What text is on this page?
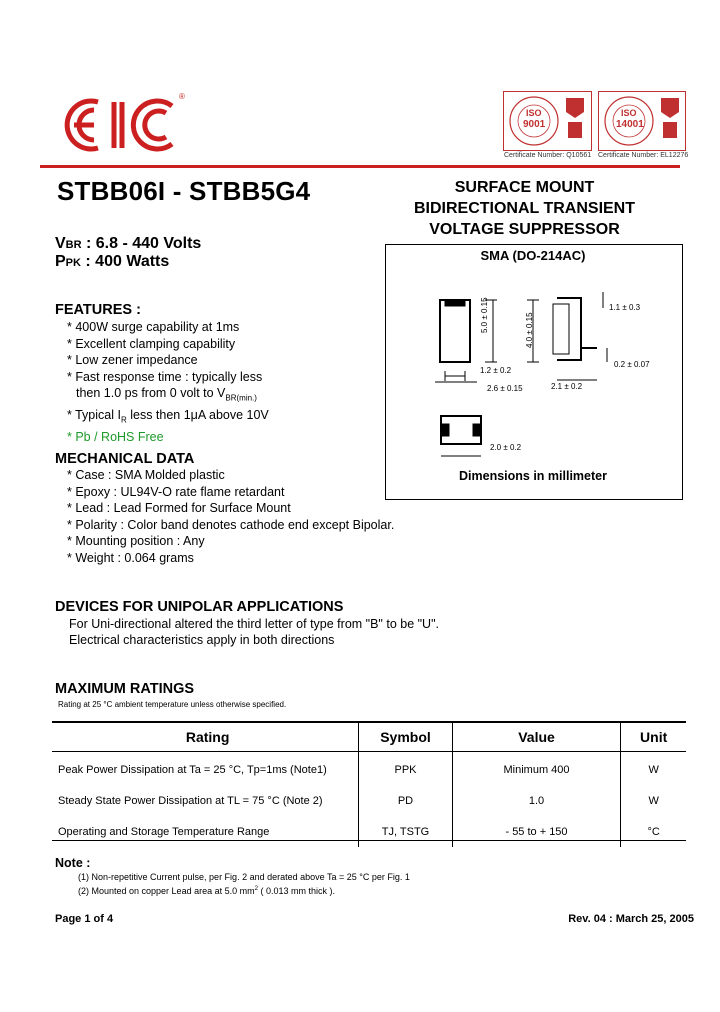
®
ISO
9001
ISO
14001
Certificate Number: Q10561 Certificate Number: EL12276
STBB06I - STBB5G4	SURFACE MOUNT
BIDIRECTIONAL TRANSIENT
VOLTAGE SUPPRESSOR
VBR : 6.8 - 440 Volts
PPK : 400 Watts
FEATURES :
* 400W surge capability at 1ms
* Excellent clamping capability
* Low zener impedance
* Fast response time : typically less
then 1.0 ps from 0 volt to $V_{BR(min.)}$
* Typical $I_R$ less then 1μA above 10V
* Pb / RoHS Free
MECHANICAL DATA
* Case : SMA Molded plastic
* Epoxy : UL94V-O rate flame retardant
* Lead : Lead Formed for Surface Mount
* Polarity : Color band denotes cathode end except Bipolar.
* Mounting position : Any
* Weight : 0.064 grams
SMA (DO-214AC)
5.0 ± 0.15	4.0 ± 0.15
1.2 ± 0.2
2.6 ± 0.15
1.1 ± 0.3
0.2 ± 0.07
2.1 ± 0.2
2.0 ± 0.2
Dimensions in millimeter
DEVICES FOR UNIPOLAR APPLICATIONS
For Uni-directional altered the third letter of type from "B" to be "U".
Electrical characteristics apply in both directions
MAXIMUM RATINGS
Rating at 25 °C ambient temperature unless otherwise specified.
Rating	Symbol	Value	Unit
Peak Power Dissipation at Ta = 25 °C, Tp=1ms (Note1)	PPK	Minimum 400	W
Steady State Power Dissipation at TL = 75 °C (Note 2)	PD	1.0	W
Operating and Storage Temperature Range	TJ, TSTG	- 55 to + 150	°C
Note :
(1) Non-repetitive Current pulse, per Fig. 2 and derated above Ta = 25 °C per Fig. 1
(2) Mounted on copper Lead area at 5.0 $mm^2$ ( 0.013 mm thick ).
Page 1 of 4	Rev. 04 : March 25, 2005
